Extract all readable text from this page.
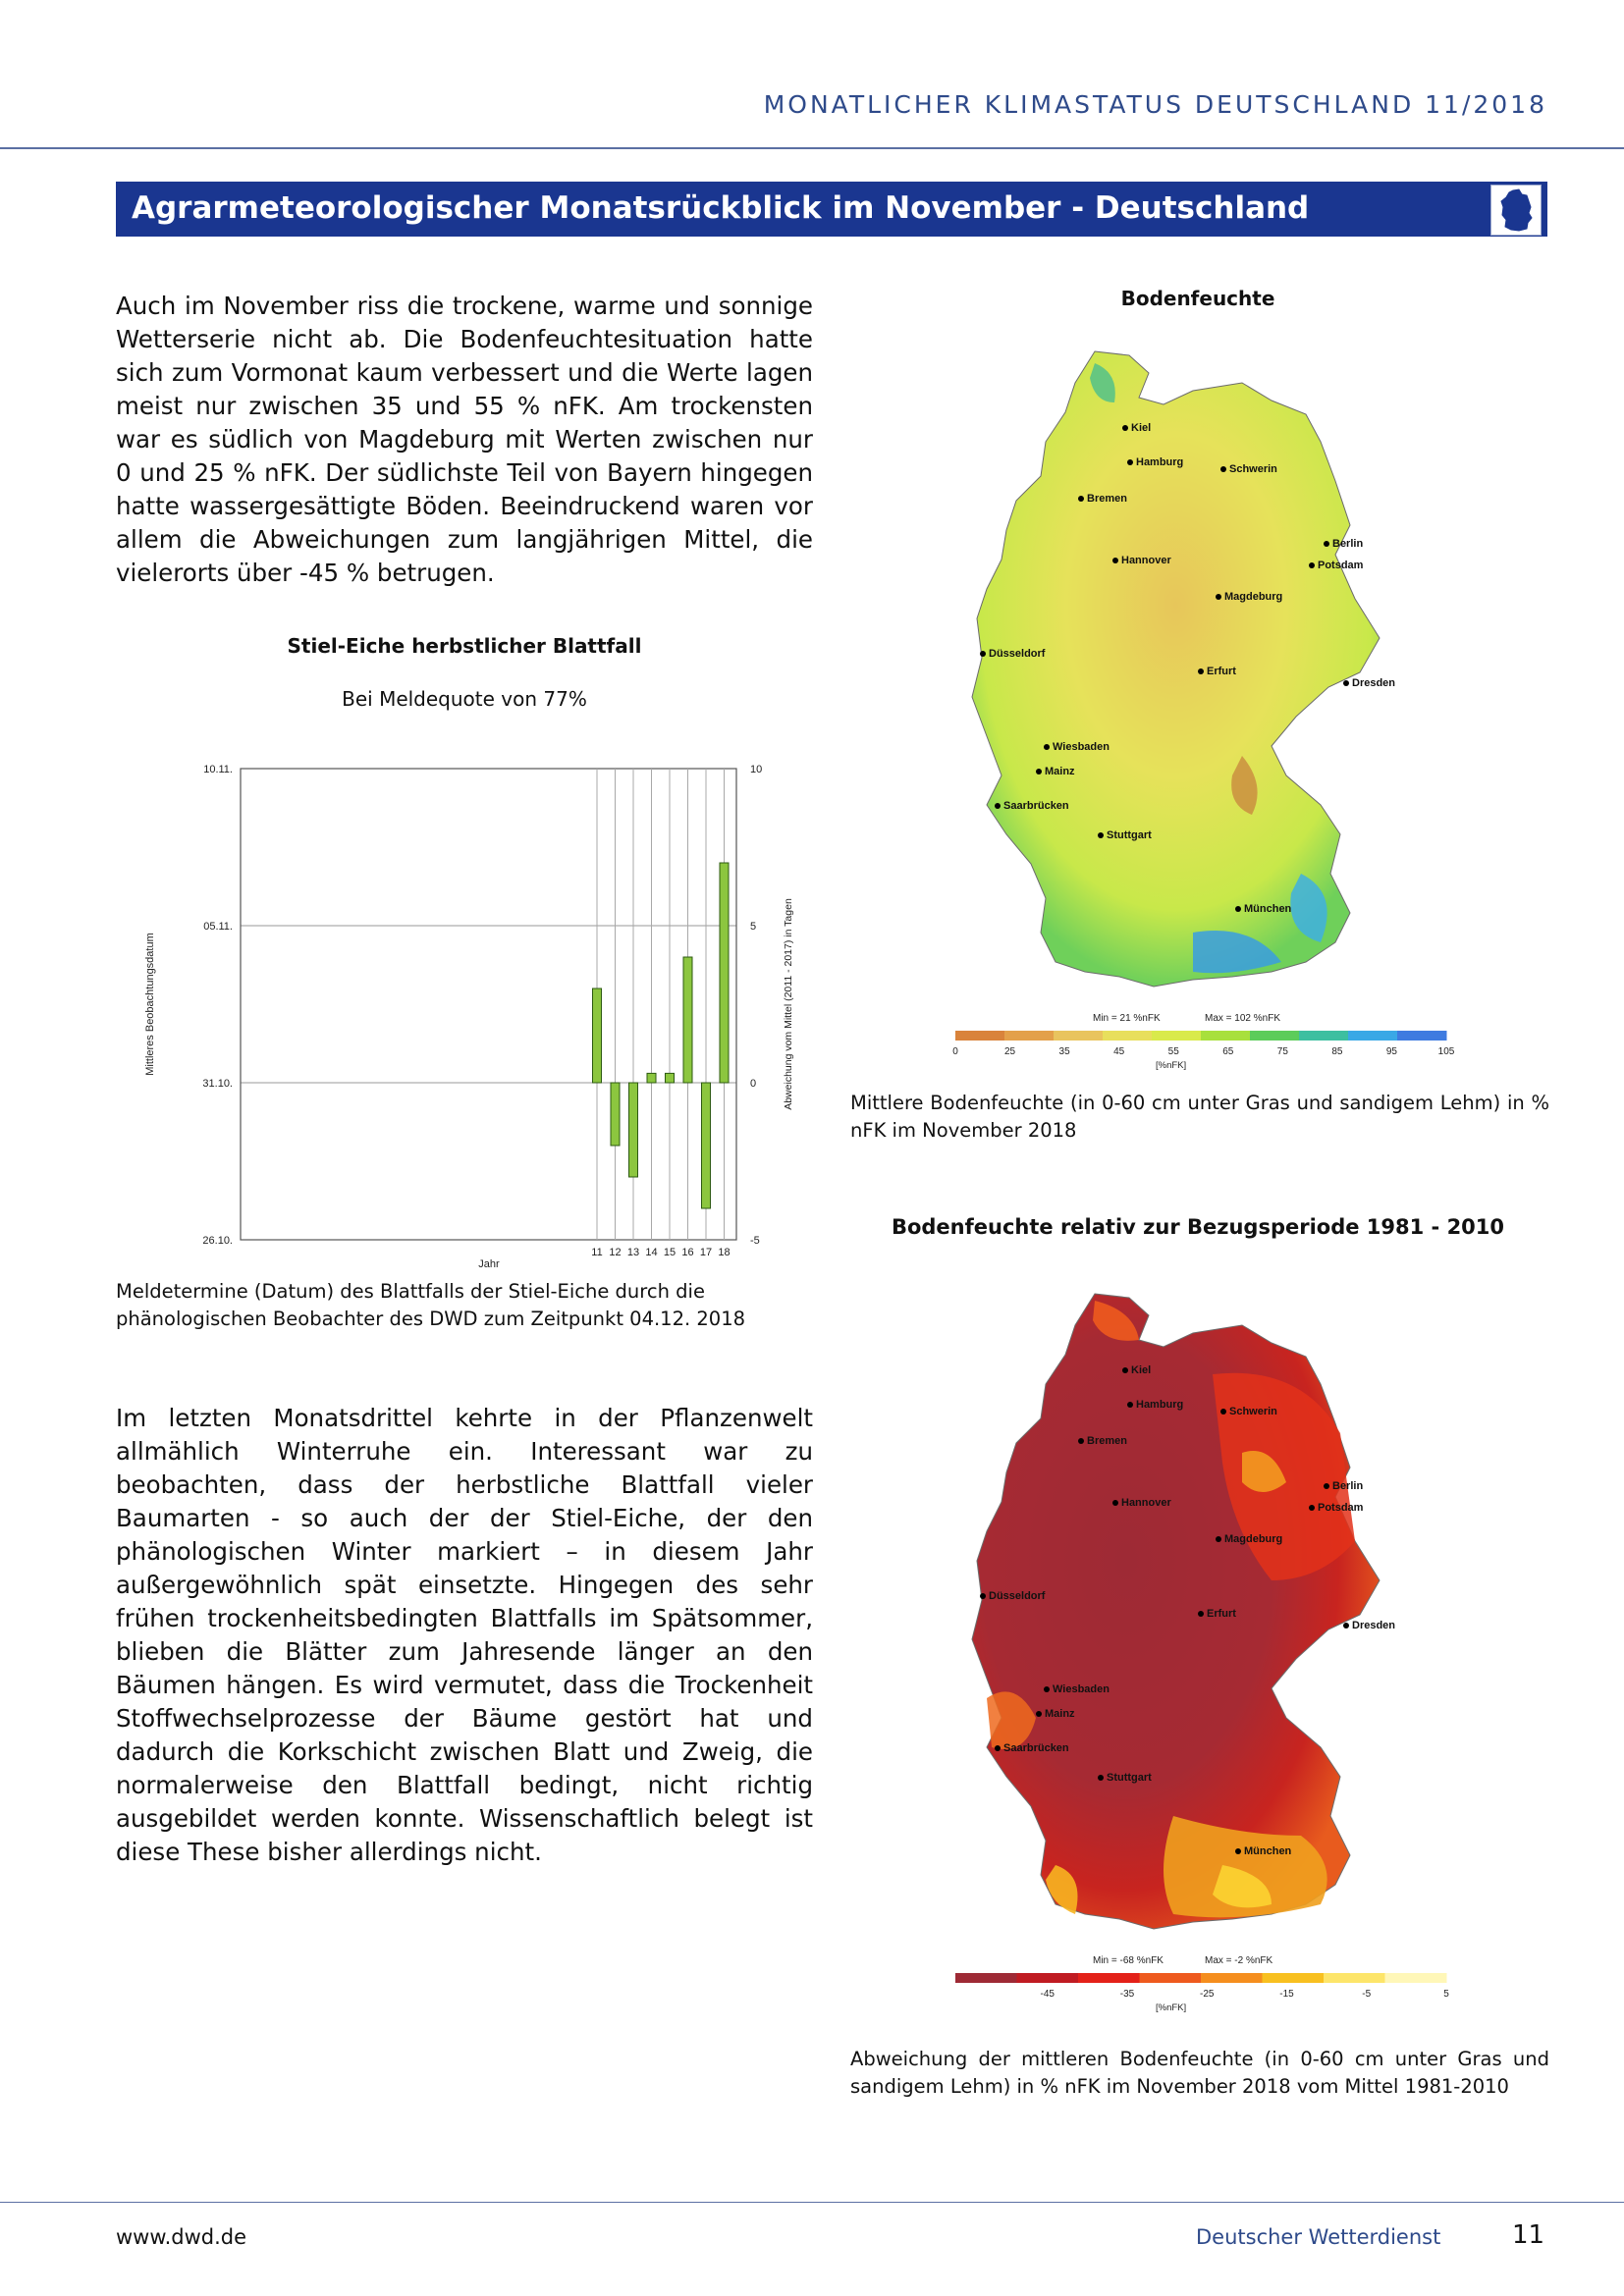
MONATLICHER KLIMASTATUS DEUTSCHLAND 11/2018
Agrarmeteorologischer Monatsrückblick im November - Deutschland
Auch im November riss die trockene, warme und sonnige Wetterserie nicht ab. Die Bodenfeuchtesituation hatte sich zum Vormonat kaum verbessert und die Werte lagen meist nur zwischen 35 und 55 % nFK. Am trockensten war es südlich von Magdeburg mit Werten zwischen nur 0 und 25 % nFK. Der südlichste Teil von Bayern hingegen hatte wassergesättigte Böden. Beeindruckend waren vor allem die Abweichungen zum langjährigen Mittel, die vielerorts über -45 % betrugen.
Stiel-Eiche herbstlicher Blattfall
Bei Meldequote von 77%
26.10.	-5
31.10.	0
05.11.	5
10.11.	10
11 12 13 14 15 16 17 18
Jahr
Mittleres Beobachtungsdatum	Abweichung vom Mittel (2011 - 2017) in Tagen
Meldetermine (Datum) des Blattfalls der Stiel-Eiche durch die phänologischen Beobachter des DWD zum Zeitpunkt 04.12. 2018
Im letzten Monatsdrittel kehrte in der Pflanzenwelt allmählich Winterruhe ein. Interessant war zu beobachten, dass der herbstliche Blattfall vieler Baumarten - so auch der der Stiel-Eiche, der den phänologischen Winter markiert – in diesem Jahr außergewöhnlich spät einsetzte. Hingegen des sehr frühen trockenheitsbedingten Blattfalls im Spätsommer, blieben die Blätter zum Jahresende länger an den Bäumen hängen. Es wird vermutet, dass die Trockenheit Stoffwechselprozesse der Bäume gestört hat und dadurch die Korkschicht zwischen Blatt und Zweig, die normalerweise den Blattfall bedingt, nicht richtig ausgebildet werden konnte. Wissenschaftlich belegt ist diese These bisher allerdings nicht.
Bodenfeuchte
Kiel
Hamburg
Schwerin
Bremen
Berlin
Hannover	Potsdam
Magdeburg
Düsseldorf
Erfurt
Dresden
Wiesbaden
Mainz
Saarbrücken
Stuttgart
München
0	25	35	45	55	65	75	85	95	105
Min = 21 %nFK	Max = 102 %nFK
[%nFK]
Mittlere Bodenfeuchte (in 0-60 cm unter Gras und sandigem Lehm) in % nFK im November 2018
Bodenfeuchte relativ zur Bezugsperiode 1981 - 2010
Kiel
Hamburg
Schwerin
Bremen
Berlin
Hannover	Potsdam
Magdeburg
Düsseldorf
Erfurt
Dresden
Wiesbaden
Mainz
Saarbrücken
Stuttgart
München
-45	-35	-25	-15	-5	5
Min = -68 %nFK	Max = -2 %nFK
[%nFK]
Abweichung der mittleren Bodenfeuchte (in 0-60 cm unter Gras und sandigem Lehm) in % nFK im November 2018 vom Mittel 1981-2010
www.dwd.de	Deutscher Wetterdienst	11
